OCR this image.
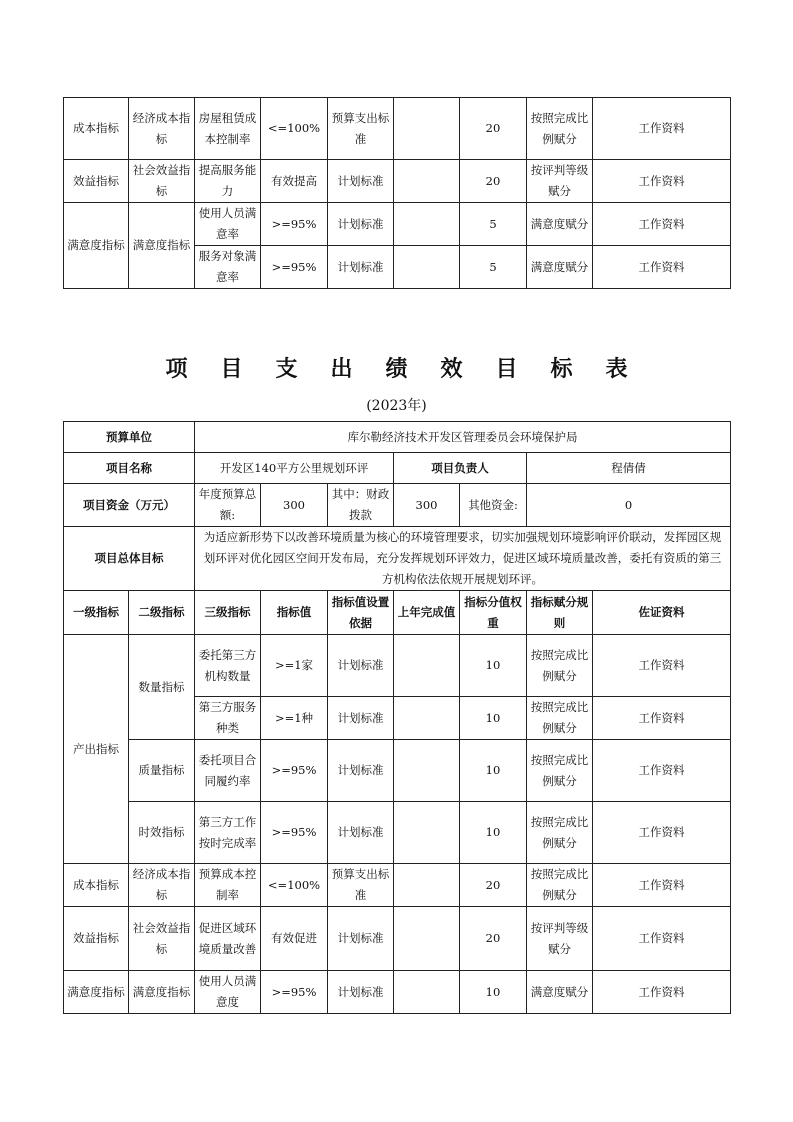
成本指标	经济成本指标	房屋租赁成本控制率	<=100%	预算支出标准		20	按照完成比例赋分	工作资料
效益指标	社会效益指标	提高服务能力	有效提高	计划标准		20	按评判等级赋分	工作资料
满意度指标	满意度指标	使用人员满意率	>=95%	计划标准		5	满意度赋分	工作资料
		服务对象满意率	>=95%	计划标准		5	满意度赋分	工作资料
项目支出绩效目标表
(2023年)
预算单位		库尔勒经济技术开发区管理委员会环境保护局						
项目名称		开发区140平方公里规划环评			项目负责人		程倩倩	
项目资金（万元）		年度预算总额:	300	其中：财政拨款	300	其他资金:	0	
项目总体目标		为适应新形势下以改善环境质量为核心的环境管理要求，切实加强规划环境影响评价联动，发挥园区规划环评对优化园区空间开发布局，充分发挥规划环评效力，促进区域环境质量改善，委托有资质的第三方机构依法依规开展规划环评。						
一级指标	二级指标	三级指标	指标值	指标值设置依据	上年完成值	指标分值权重	指标赋分规则	佐证资料
产出指标	数量指标	委托第三方机构数量	>=1家	计划标准		10	按照完成比例赋分	工作资料
		第三方服务种类	>=1种	计划标准		10	按照完成比例赋分	工作资料
	质量指标	委托项目合同履约率	>=95%	计划标准		10	按照完成比例赋分	工作资料
	时效指标	第三方工作按时完成率	>=95%	计划标准		10	按照完成比例赋分	工作资料
成本指标	经济成本指标	预算成本控制率	<=100%	预算支出标准		20	按照完成比例赋分	工作资料
效益指标	社会效益指标	促进区域环境质量改善	有效促进	计划标准		20	按评判等级赋分	工作资料
满意度指标	满意度指标	使用人员满意度	>=95%	计划标准		10	满意度赋分	工作资料
